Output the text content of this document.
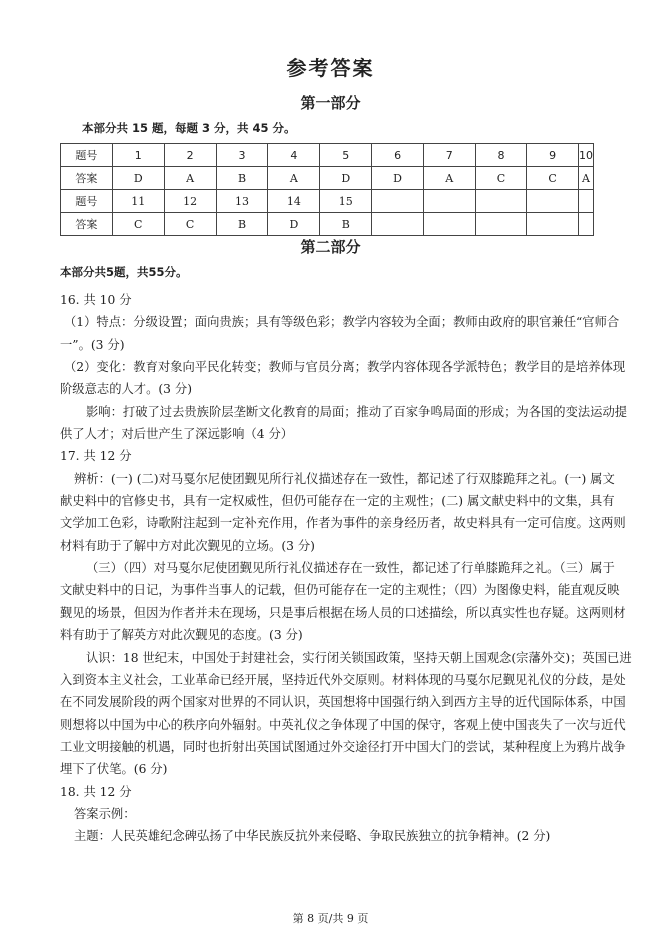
参考答案
第一部分
本部分共 15 题，每题 3 分，共 45 分。
题号	1	2	3	4	5	6	7	8	9	10
答案	D	A	B	A	D	D	A	C	C	A
题号	11	12	13	14	15					
答案	C	C	B	D	B					
第二部分
本部分共5题，共55分。
16. 共 10 分
（1）特点：分级设置；面向贵族；具有等级色彩；教学内容较为全面；教师由政府的职官兼任“官师合
一”。(3 分)
（2）变化：教育对象向平民化转变；教师与官员分离；教学内容体现各学派特色；教学目的是培养体现
阶级意志的人才。(3 分)
影响：打破了过去贵族阶层垄断文化教育的局面；推动了百家争鸣局面的形成；为各国的变法运动提
供了人才；对后世产生了深远影响（4 分）
17. 共 12 分
辨析：(一) (二)对马戛尔尼使团觐见所行礼仪描述存在一致性，都记述了行双膝跪拜之礼。(一) 属文
献史料中的官修史书，具有一定权威性，但仍可能存在一定的主观性；(二) 属文献史料中的文集，具有
文学加工色彩，诗歌附注起到一定补充作用，作者为事件的亲身经历者，故史料具有一定可信度。这两则
材料有助于了解中方对此次觐见的立场。(3 分)
（三）（四）对马戛尔尼使团觐见所行礼仪描述存在一致性，都记述了行单膝跪拜之礼。（三）属于
文献史料中的日记，为事件当事人的记载，但仍可能存在一定的主观性；（四）为图像史料，能直观反映
觐见的场景，但因为作者并未在现场，只是事后根据在场人员的口述描绘，所以真实性也存疑。这两则材
料有助于了解英方对此次觐见的态度。(3 分)
认识：18 世纪末，中国处于封建社会，实行闭关锁国政策，坚持天朝上国观念(宗藩外交)；英国已进
入到资本主义社会，工业革命已经开展，坚持近代外交原则。材料体现的马戛尔尼觐见礼仪的分歧，是处
在不同发展阶段的两个国家对世界的不同认识，英国想将中国强行纳入到西方主导的近代国际体系，中国
则想将以中国为中心的秩序向外辐射。中英礼仪之争体现了中国的保守，客观上使中国丧失了一次与近代
工业文明接触的机遇，同时也折射出英国试图通过外交途径打开中国大门的尝试，某种程度上为鸦片战争
埋下了伏笔。(6 分)
18. 共 12 分
答案示例：
主题：人民英雄纪念碑弘扬了中华民族反抗外来侵略、争取民族独立的抗争精神。(2 分)
第 8 页/共 9 页
